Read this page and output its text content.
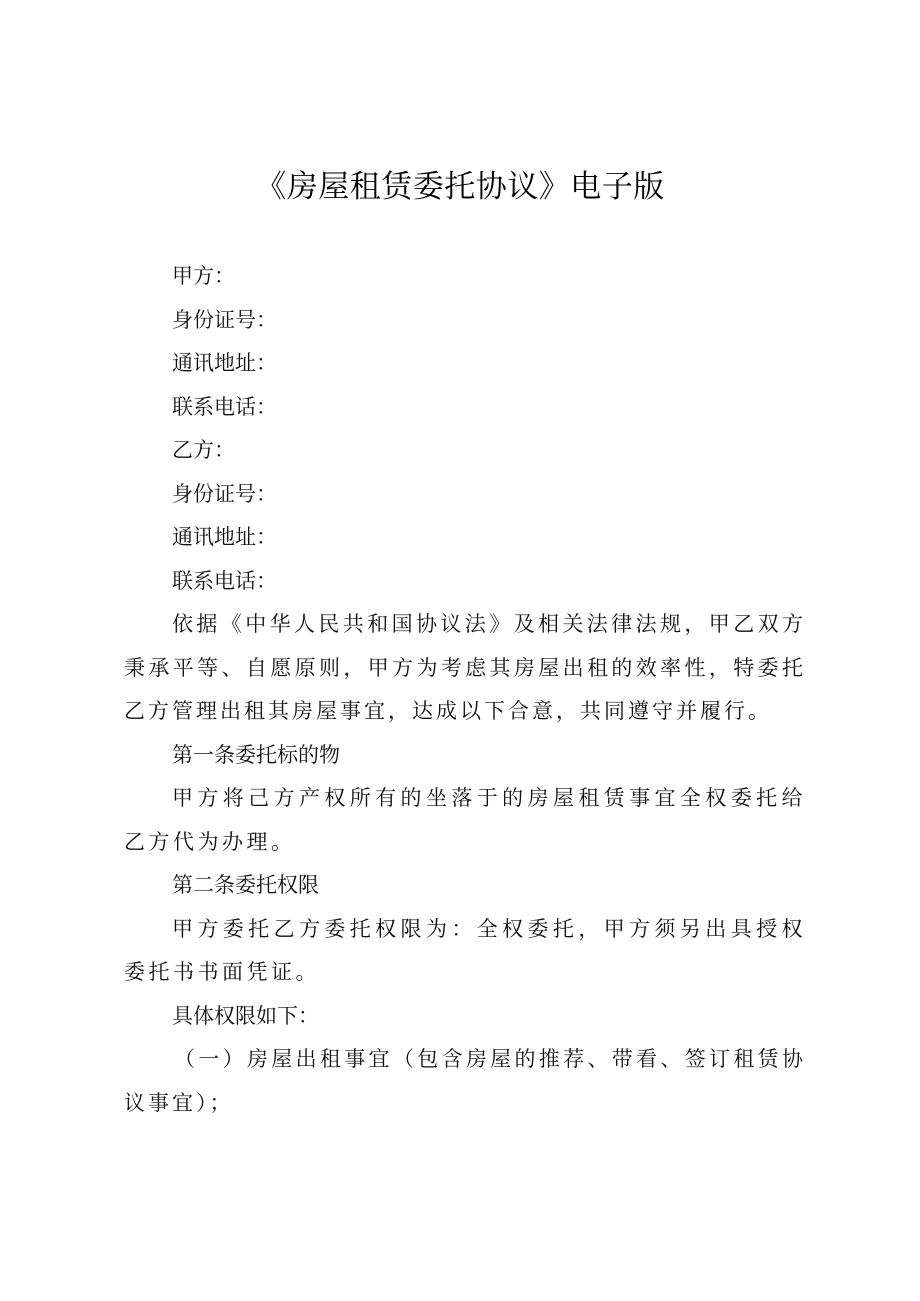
《房屋租赁委托协议》电子版
甲方：
身份证号：
通讯地址：
联系电话：
乙方：
身份证号：
通讯地址：
联系电话：
依据《中华人民共和国协议法》及相关法律法规，甲乙双方秉承平等、自愿原则，甲方为考虑其房屋出租的效率性，特委托乙方管理出租其房屋事宜，达成以下合意，共同遵守并履行。
第一条委托标的物
甲方将己方产权所有的坐落于的房屋租赁事宜全权委托给乙方代为办理。
第二条委托权限
甲方委托乙方委托权限为：全权委托，甲方须另出具授权委托书书面凭证。
具体权限如下：
（一）房屋出租事宜（包含房屋的推荐、带看、签订租赁协议事宜）；
